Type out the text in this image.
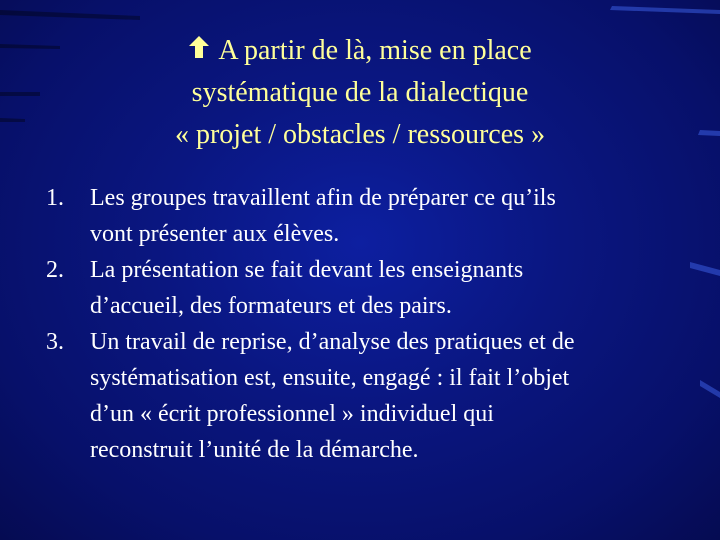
A partir de là, mise en place
systématique de la dialectique
« projet / obstacles / ressources »
1.	Les groupes travaillent afin de préparer ce qu’ils
vont présenter aux élèves.
2.	La présentation se fait devant les enseignants
d’accueil, des formateurs et des pairs.
3.	Un travail de reprise, d’analyse des pratiques et de
systématisation est, ensuite, engagé : il fait l’objet
d’un « écrit professionnel » individuel qui
reconstruit l’unité de la démarche.
